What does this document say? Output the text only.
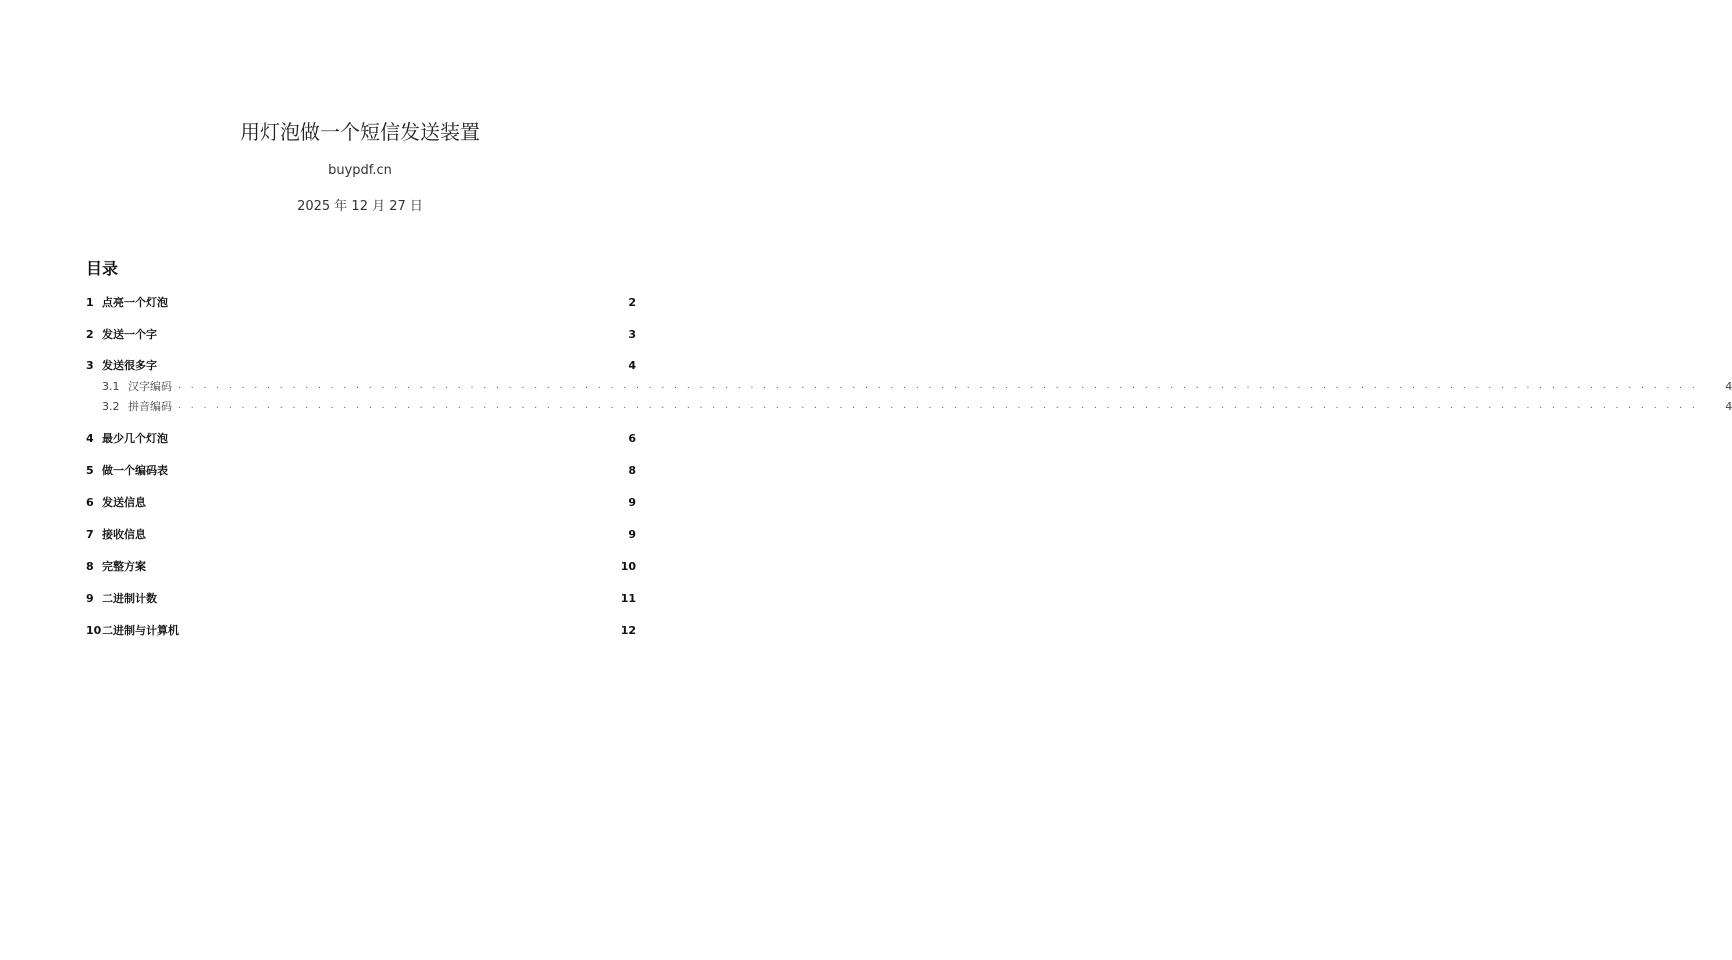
用灯泡做一个短信发送装置
buypdf.cn
2025 年 12 月 27 日
目录
1 点亮一个灯泡	2
2 发送一个字	3
3 发送很多字	4
3.1 汉字编码 . . . . . . . . . . . . . . . . . . . . . . . . . . . . . . . . . . . . . . . . . . . . . . . . . . . . . . . . . . . . . . . . . . . . . . . . . . . . . . . . . . . . . . . . . . . . . . . . . . . . . . . . . . . . . . . . . . . . . . . .	4
3.2 拼音编码 . . . . . . . . . . . . . . . . . . . . . . . . . . . . . . . . . . . . . . . . . . . . . . . . . . . . . . . . . . . . . . . . . . . . . . . . . . . . . . . . . . . . . . . . . . . . . . . . . . . . . . . . . . . . . . . . . . . . . . . .	4
4 最少几个灯泡	6
5 做一个编码表	8
6 发送信息	9
7 接收信息	9
8 完整方案	10
9 二进制计数	11
10 二进制与计算机	12
